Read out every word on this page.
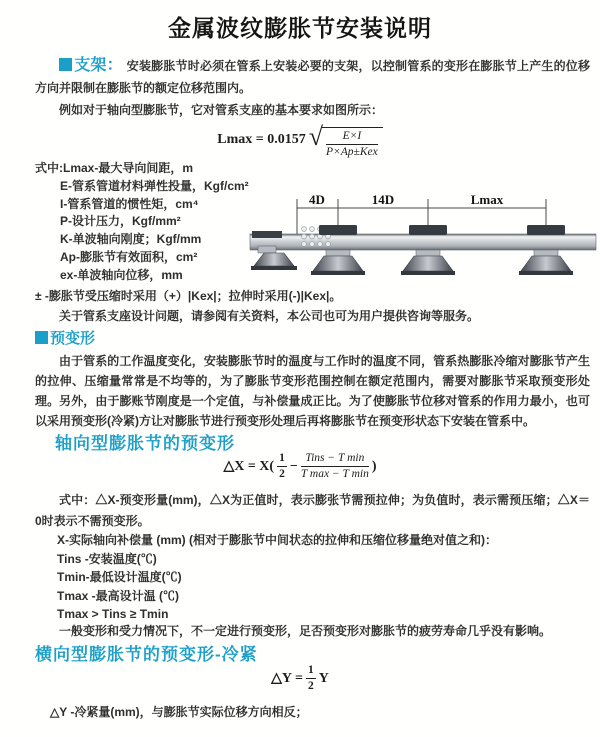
金属波纹膨胀节安装说明

支架： 安装膨胀节时必须在管系上安装必要的支架，以控制管系的变形在膨胀节上产生的位移方向并限制在膨胀节的额定位移范围内。

例如对于轴向型膨胀节，它对管系支座的基本要求如图所示：

Lmax = 0.0157 √ $\frac{E\times I}{\text{P×Ap±Kex}}$
式中:Lmax-最大导向间距，m
E-管系管道材料弹性投量，Kgf/cm²
I-管系管道的惯性矩，cm⁴
P-设计压力，Kgf/mm²
K-单波轴向刚度；Kgf/mm
Ap-膨胀节有效面积，cm²
ex-单波轴向位移，mm
± -膨胀节受压缩时采用（+）|Kex|；拉伸时采用(-)|Kex|。
关于管系支座设计问题，请参阅有关资料，本公司也可为用户提供咨询等服务。
4D	14D	Lmax
预变形

由于管系的工作温度变化，安装膨胀节时的温度与工作时的温度不同，管系热膨胀冷缩对膨胀节产生的拉伸、压缩量常常是不均等的，为了膨胀节变形范围控制在额定范围内，需要对膨胀节采取预变形处理。另外，由于膨账节刚度是一个定值，与补偿量成正比。为了使膨胀节位移对管系的作用力最小，也可以采用预变形(冷紧)方让对膨胀节进行预变形处理后再将膨胀节在预变形状态下安装在管系中。

轴向型膨胀节的预变形
△X = $X( \frac{1}{2} - \frac{\text{Tins − T min}}{\text{T max − T min}}$ )

式中：△X-预变形量(mm)，△X为正值时，表示膨张节需预拉伸；为负值时，表示需预压缩；△X＝0时表示不需预变形。

X-实际轴向补偿量 (mm) (相对于膨胀节中间状态的拉伸和压缩位移量绝对值之和)：
Tins -安装温度(℃)
Tmin-最低设计温度(℃)
Tmax -最高设计温 (℃)
Tmax > Tins ≥ Tmin

一般变形和受力情况下，不一定进行预变形，足否预变形对膨胀节的疲劳寿命几乎没有影响。

横向型膨胀节的预变形-冷紧
△Y = $\frac{1}{2}$ Y
△Y -冷紧量(mm)，与膨胀节实际位移方向相反；
